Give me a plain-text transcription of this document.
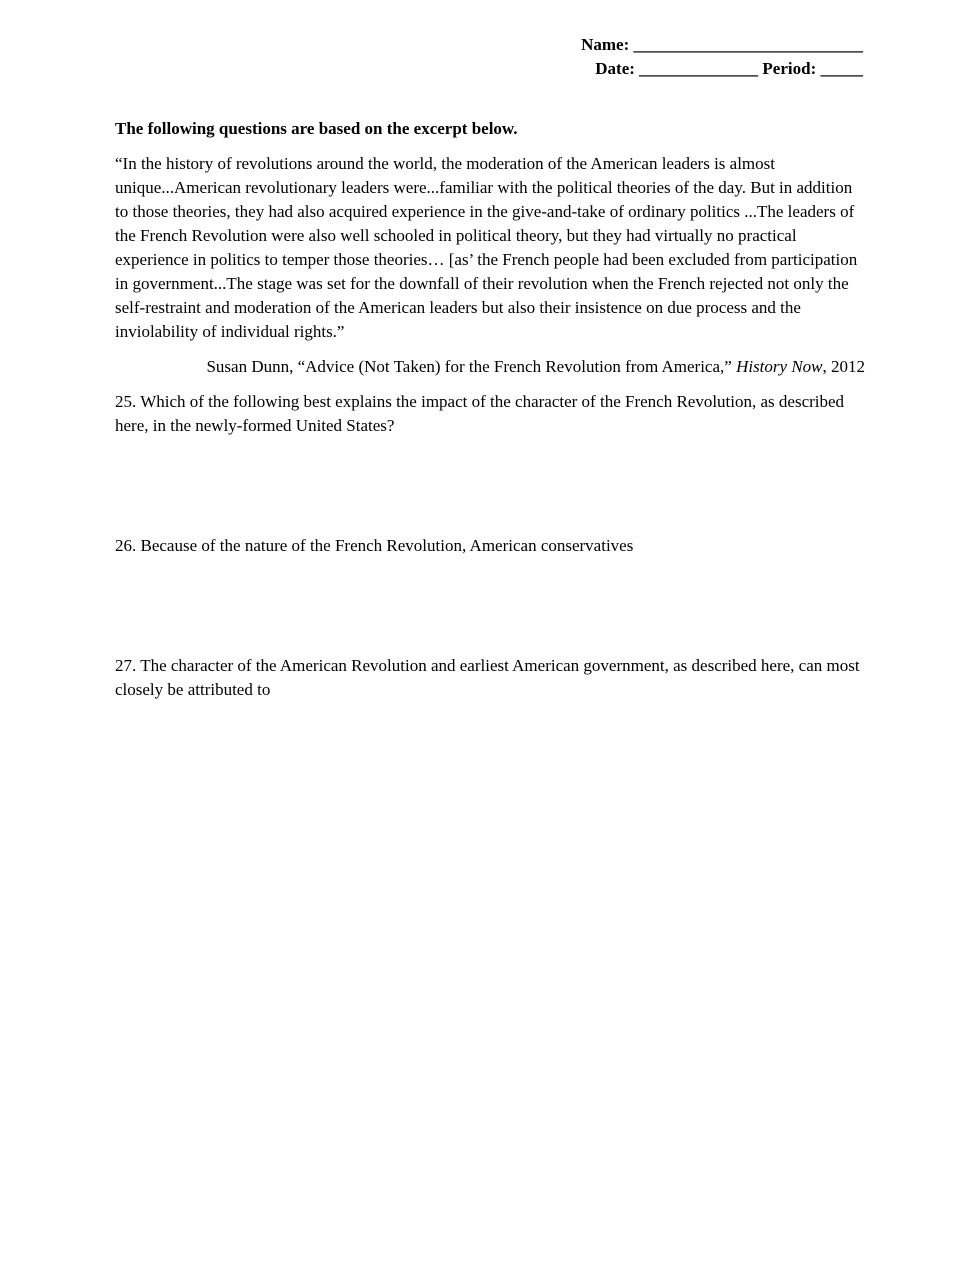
Name: ___________________________
Date: ______________ Period: _____

The following questions are based on the excerpt below.

“In the history of revolutions around the world, the moderation of the American leaders is almost unique...American revolutionary leaders were...familiar with the political theories of the day. But in addition to those theories, they had also acquired experience in the give-and-take of ordinary politics ...The leaders of the French Revolution were also well schooled in political theory, but they had virtually no practical experience in politics to temper those theories… [as’ the French people had been excluded from participation in government...The stage was set for the downfall of their revolution when the French rejected not only the self-restraint and moderation of the American leaders but also their insistence on due process and the inviolability of individual rights.”

Susan Dunn, “Advice (Not Taken) for the French Revolution from America,” History Now, 2012

25. Which of the following best explains the impact of the character of the French Revolution, as described here, in the newly-formed United States?

26. Because of the nature of the French Revolution, American conservatives

27. The character of the American Revolution and earliest American government, as described here, can most closely be attributed to
